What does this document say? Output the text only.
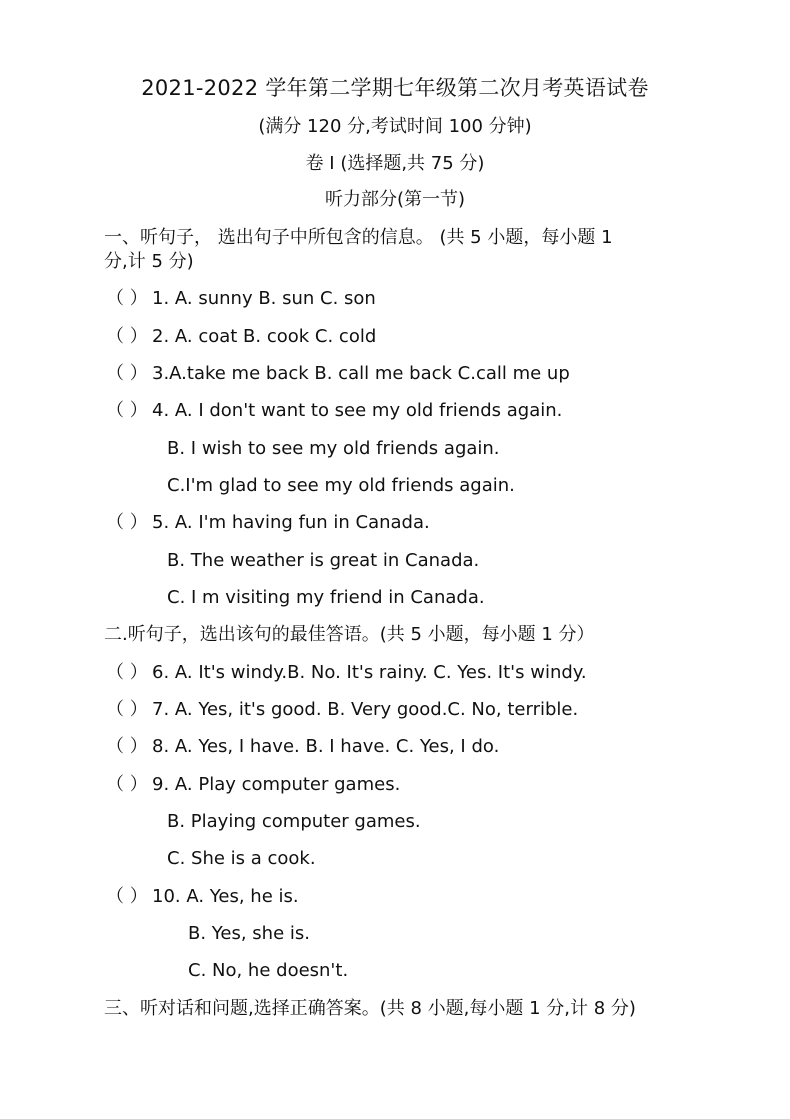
2021-2022 学年第二学期七年级第二次月考英语试卷
(满分 120 分,考试时间 100 分钟)
卷 I (选择题,共 75 分)
听力部分(第一节)
一、听句子， 选出句子中所包含的信息。 (共 5 小题，每小题 1
分,计 5 分)
（ ） 1. A. sunny B. sun C. son
（ ） 2. A. coat B. cook C. cold
（ ） 3.A.take me back B. call me back C.call me up
（ ） 4. A. I don't want to see my old friends again.
B. I wish to see my old friends again.
C.I'm glad to see my old friends again.
（ ） 5. A. I'm having fun in Canada.
B. The weather is great in Canada.
C. I m visiting my friend in Canada.
二.听句子，选出该句的最佳答语。(共 5 小题，每小题 1 分）
（ ） 6. A. It's windy.B. No. It's rainy. C. Yes. It's windy.
（ ） 7. A. Yes, it's good. B. Very good.C. No, terrible.
（ ） 8. A. Yes, I have. B. I have. C. Yes, I do.
（ ） 9. A. Play computer games.
B. Playing computer games.
C. She is a cook.
（ ） 10. A. Yes, he is.
B. Yes, she is.
C. No, he doesn't.
三、听对话和问题,选择正确答案。(共 8 小题,每小题 1 分,计 8 分)
